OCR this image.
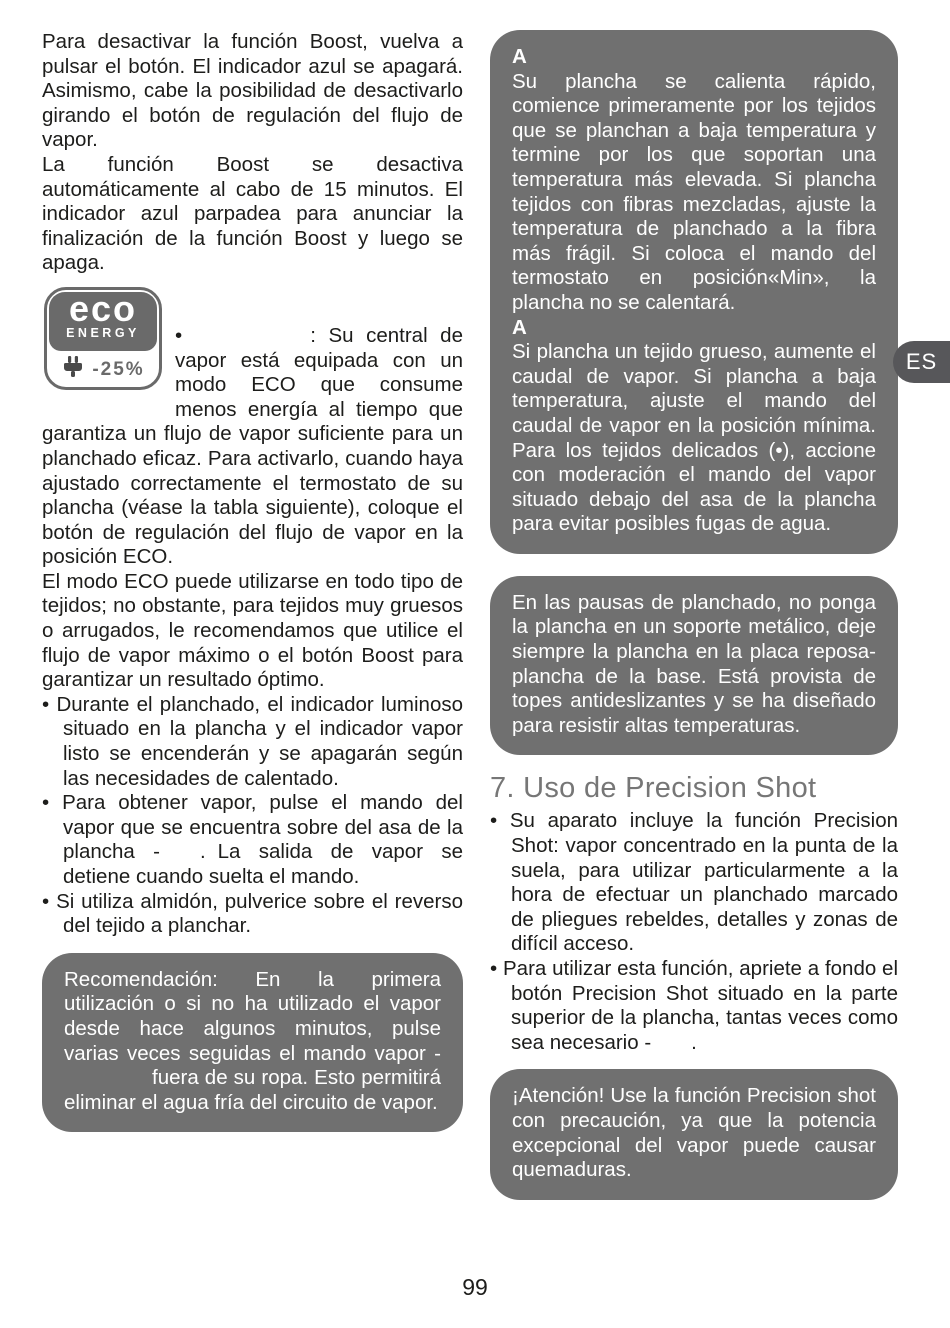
Para desactivar la función Boost, vuelva a pulsar el botón. El indicador azul se apagará. Asimismo, cabe la posibilidad de desactivarlo girando el botón de regulación del flujo de vapor.

La función Boost se desactiva automáticamente al cabo de 15 minutos. El indicador azul parpadea para anunciar la finalización de la función Boost y luego se apaga.

eco
ENERGY
-25%

•	: Su central de vapor está equipada con un modo ECO que consume menos energía al tiempo que garantiza un flujo de vapor suficiente para un planchado eficaz. Para activarlo, cuando haya ajustado correctamente el termostato de su plancha (véase la tabla siguiente), coloque el botón de regulación del flujo de vapor en la posición ECO.

El modo ECO puede utilizarse en todo tipo de tejidos; no obstante, para tejidos muy gruesos o arrugados, le recomendamos que utilice el flujo de vapor máximo o el botón Boost para garantizar un resultado óptimo.

• Durante el planchado, el indicador luminoso situado en la plancha y el indicador vapor listo se encenderán y se apagarán según las necesidades de calentado.

• Para obtener vapor, pulse el mando del vapor que se encuentra sobre del asa de la plancha - . La salida de vapor se detiene cuando suelta el mando.

• Si utiliza almidón, pulverice sobre el reverso del tejido a planchar.

Recomendación: En la primera utilización o si no ha utilizado el vapor desde hace algunos minutos, pulse varias veces seguidas el mando vapor -fuera de su ropa. Esto permitirá eliminar el agua fría del circuito de vapor.

A

Su plancha se calienta rápido, comience primeramente por los tejidos que se planchan a baja temperatura y termine por los que soportan una temperatura más elevada. Si plancha tejidos con fibras mezcladas, ajuste la temperatura de planchado a la fibra más frágil. Si coloca el mando del termostato en posición«Min», la plancha no se calentará.

A

Si plancha un tejido grueso, aumente el caudal de vapor. Si plancha a baja temperatura, ajuste el mando del caudal de vapor en la posición mínima. Para los tejidos delicados (•), accione con moderación el mando del vapor situado debajo del asa de la plancha para evitar posibles fugas de agua.

En las pausas de planchado, no ponga la plancha en un soporte metálico, deje siempre la plancha en la placa reposa-plancha de la base. Está provista de topes antideslizantes y se ha diseñado para resistir altas temperaturas.

7. Uso de Precision Shot

• Su aparato incluye la función Precision Shot: vapor concentrado en la punta de la suela, para utilizar particularmente a la hora de efectuar un planchado marcado de pliegues rebeldes, detalles y zonas de difícil acceso.

• Para utilizar esta función, apriete a fondo el botón Precision Shot situado en la parte superior de la plancha, tantas veces como sea necesario - .

¡Atención! Use la función Precision shot con precaución, ya que la potencia excepcional del vapor puede causar quemaduras.

ES
99
